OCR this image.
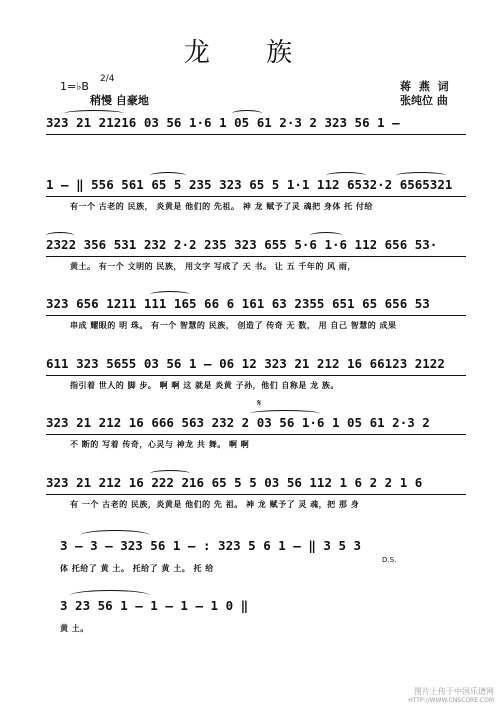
龙 族
1=♭B
2/4
稍慢 自豪地
蒋 燕 词
张纯位 曲
323 21 21216 03 56 1·6 1 05 61 2·3 2 323 56 1 –
1 – ‖ 556 561 65 5 235 323 65 5 1·1 112 6532·2 6565321
有一个 古老的 民族， 炎黄是 他们的 先祖。 神 龙 赋予了灵 魂把 身体 托 付给
2322 356 531 232 2·2 235 323 655 5·6 1·6 112 656 53·
黄土。 有一个 文明的 民族， 用文字 写成了 天 书。 让 五 千年的 风 雨，
323 656 1211 111 165 66 6 161 63 2355 651 65 656 53
串成 耀眼的 明 珠。 有一个 智慧的 民族， 创造了 传奇 无 数， 用 自己 智慧的 成果
611 323 5655 03 56 1 – 06 12 323 21 212 16 66123 2122
指引着 世人的 脚 步。 啊 啊 这 就是 炎黄 子孙，他们 自称是 龙 族。
𝄋
323 21 212 16 666 563 232 2 03 56 1·6 1 05 61 2·3 2
不 断的 写着 传奇，心灵与 神龙 共 舞。 啊 啊
323 21 212 16 222 216 65 5 5 03 56 112 1 6 2 2 1 6
有 一个 古老的 民族，炎黄是 他们的 先 祖。 神 龙 赋予了 灵 魂，把 那 身
3 – 3 – 323 56 1 – : 323 5 6 1 – ‖ 3 5 3
D.S.
体 托给了 黄 土。 托给了 黄 土。 托 给
3 23 56 1 – 1 – 1 – 1 0 ‖
黄 土。
图片上传于中国乐谱网
HTTP://WWW.CNSCORE.COM
